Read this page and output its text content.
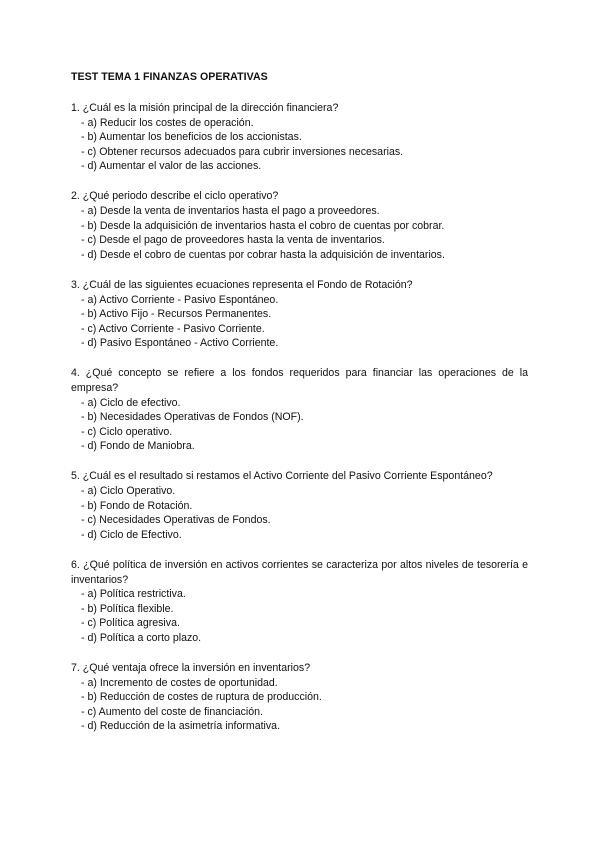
TEST TEMA 1 FINANZAS OPERATIVAS

1. ¿Cuál es la misión principal de la dirección financiera?

- a) Reducir los costes de operación.
- b) Aumentar los beneficios de los accionistas.
- c) Obtener recursos adecuados para cubrir inversiones necesarias.
- d) Aumentar el valor de las acciones.

2. ¿Qué periodo describe el ciclo operativo?

- a) Desde la venta de inventarios hasta el pago a proveedores.
- b) Desde la adquisición de inventarios hasta el cobro de cuentas por cobrar.
- c) Desde el pago de proveedores hasta la venta de inventarios.
- d) Desde el cobro de cuentas por cobrar hasta la adquisición de inventarios.

3. ¿Cuál de las siguientes ecuaciones representa el Fondo de Rotación?

- a) Activo Corriente - Pasivo Espontáneo.
- b) Activo Fijo - Recursos Permanentes.
- c) Activo Corriente - Pasivo Corriente.
- d) Pasivo Espontáneo - Activo Corriente.

4. ¿Qué concepto se refiere a los fondos requeridos para financiar las operaciones de la empresa?

- a) Ciclo de efectivo.
- b) Necesidades Operativas de Fondos (NOF).
- c) Ciclo operativo.
- d) Fondo de Maniobra.

5. ¿Cuál es el resultado si restamos el Activo Corriente del Pasivo Corriente Espontáneo?

- a) Ciclo Operativo.
- b) Fondo de Rotación.
- c) Necesidades Operativas de Fondos.
- d) Ciclo de Efectivo.

6. ¿Qué política de inversión en activos corrientes se caracteriza por altos niveles de tesorería e inventarios?

- a) Política restrictiva.
- b) Política flexible.
- c) Política agresiva.
- d) Política a corto plazo.

7. ¿Qué ventaja ofrece la inversión en inventarios?

- a) Incremento de costes de oportunidad.
- b) Reducción de costes de ruptura de producción.
- c) Aumento del coste de financiación.
- d) Reducción de la asimetría informativa.
